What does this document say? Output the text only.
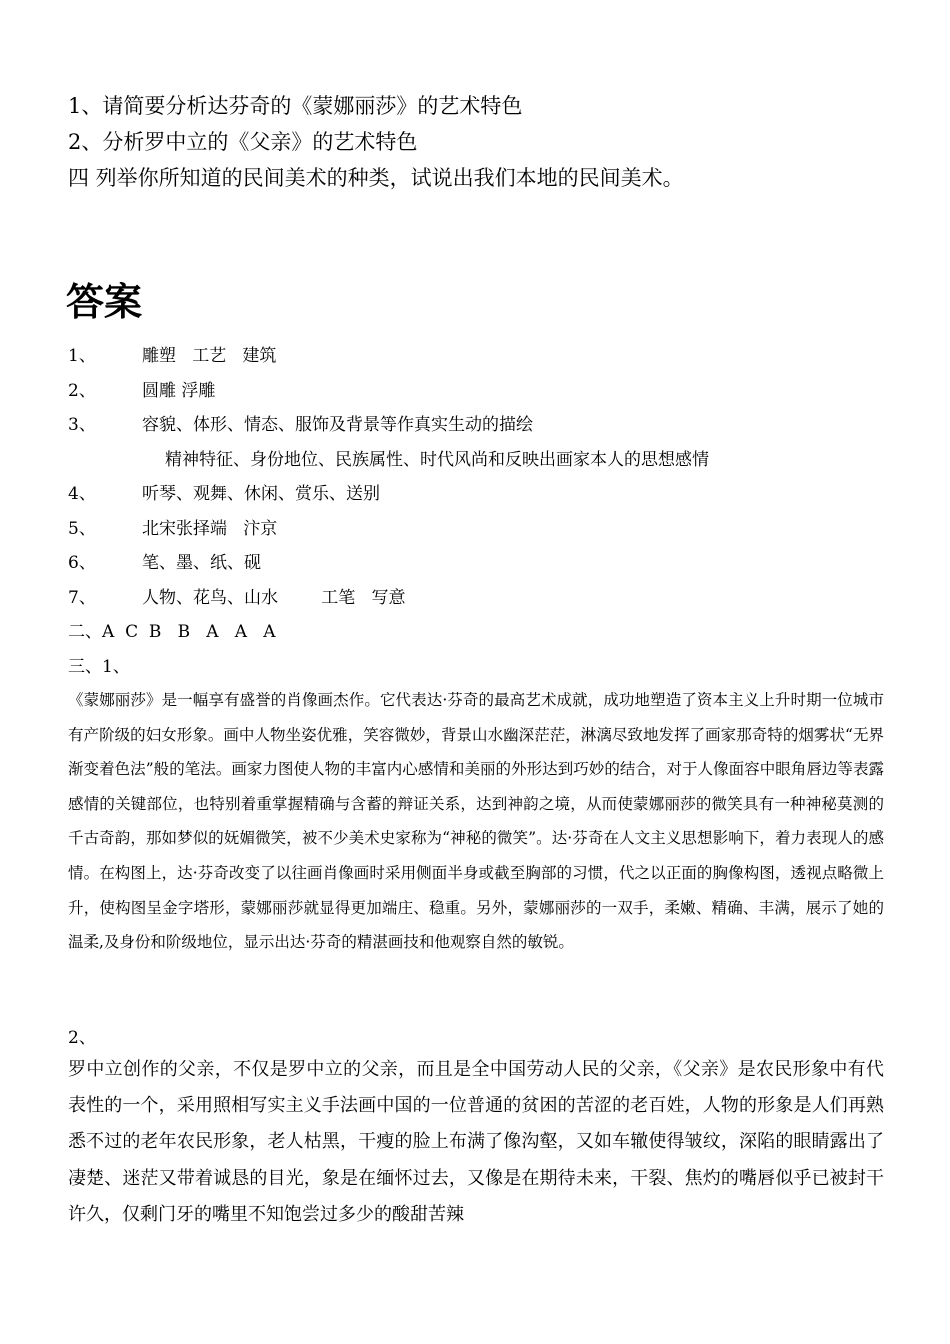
1、请简要分析达芬奇的《蒙娜丽莎》的艺术特色
2、分析罗中立的《父亲》的艺术特色
四 列举你所知道的民间美术的种类，试说出我们本地的民间美术。
答案
1、	雕塑   工艺   建筑
2、	圆雕 浮雕
3、	容貌、体形、情态、服饰及背景等作真实生动的描绘
精神特征、身份地位、民族属性、时代风尚和反映出画家本人的思想感情
4、	听琴、观舞、休闲、赏乐、送别
5、	北宋张择端   汴京
6、	笔、墨、纸、砚
7、	人物、花鸟、山水        工笔   写意
二、A  C  B   B   A   A   A
三、1、
《蒙娜丽莎》是一幅享有盛誉的肖像画杰作。它代表达·芬奇的最高艺术成就，成功地塑造了资本主义上升时期一位城市有产阶级的妇女形象。画中人物坐姿优雅，笑容微妙，背景山水幽深茫茫，淋漓尽致地发挥了画家那奇特的烟雾状“无界渐变着色法”般的笔法。画家力图使人物的丰富内心感情和美丽的外形达到巧妙的结合，对于人像面容中眼角唇边等表露感情的关键部位，也特别着重掌握精确与含蓄的辩证关系，达到神韵之境，从而使蒙娜丽莎的微笑具有一种神秘莫测的千古奇韵，那如梦似的妩媚微笑，被不少美术史家称为“神秘的微笑”。达·芬奇在人文主义思想影响下，着力表现人的感情。在构图上，达·芬奇改变了以往画肖像画时采用侧面半身或截至胸部的习惯，代之以正面的胸像构图，透视点略微上升，使构图呈金字塔形，蒙娜丽莎就显得更加端庄、稳重。另外，蒙娜丽莎的一双手，柔嫩、精确、丰满，展示了她的温柔,及身份和阶级地位，显示出达·芬奇的精湛画技和他观察自然的敏锐。
2、
罗中立创作的父亲，不仅是罗中立的父亲，而且是全中国劳动人民的父亲，《父亲》是农民形象中有代表性的一个，采用照相写实主义手法画中国的一位普通的贫困的苦涩的老百姓，人物的形象是人们再熟悉不过的老年农民形象，老人枯黑，干瘦的脸上布满了像沟壑，又如车辙使得皱纹，深陷的眼睛露出了凄楚、迷茫又带着诚恳的目光，象是在缅怀过去，又像是在期待未来，干裂、焦灼的嘴唇似乎已被封干许久，仅剩门牙的嘴里不知饱尝过多少的酸甜苦辣
